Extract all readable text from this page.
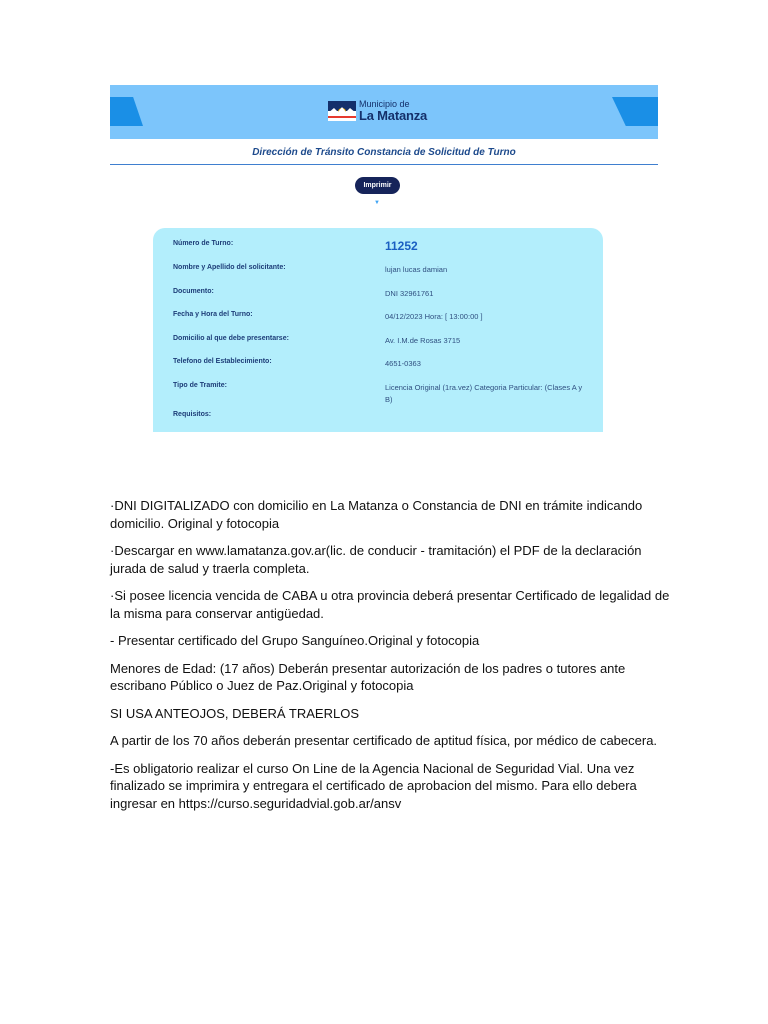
Municipio de
La Matanza
Dirección de Tránsito Constancia de Solicitud de Turno
Imprimir
▼
Número de Turno:	11252
Nombre y Apellido del solicitante:	lujan lucas damian
Documento:	DNI 32961761
Fecha y Hora del Turno:	04/12/2023 Hora: [ 13:00:00 ]
Domicilio al que debe presentarse:	Av. I.M.de Rosas 3715
Telefono del Establecimiento:	4651-0363
Tipo de Tramite:	Licencia Original (1ra.vez) Categoria Particular: (Clases A y B)
Requisitos:

·DNI DIGITALIZADO con domicilio en La Matanza o Constancia de DNI en trámite indicando domicilio. Original y fotocopia

·Descargar en www.lamatanza.gov.ar(lic. de conducir - tramitación) el PDF de la declaración jurada de salud y traerla completa.

·Si posee licencia vencida de CABA u otra provincia deberá presentar Certificado de legalidad de la misma para conservar antigüedad.

- Presentar certificado del Grupo Sanguíneo.Original y fotocopia

Menores de Edad: (17 años) Deberán presentar autorización de los padres o tutores ante escribano Público o Juez de Paz.Original y fotocopia

SI USA ANTEOJOS, DEBERÁ TRAERLOS

A partir de los 70 años deberán presentar certificado de aptitud física, por médico de cabecera.

-Es obligatorio realizar el curso On Line de la Agencia Nacional de Seguridad Vial. Una vez finalizado se imprimira y entregara el certificado de aprobacion del mismo. Para ello debera ingresar en https://curso.seguridadvial.gob.ar/ansv
